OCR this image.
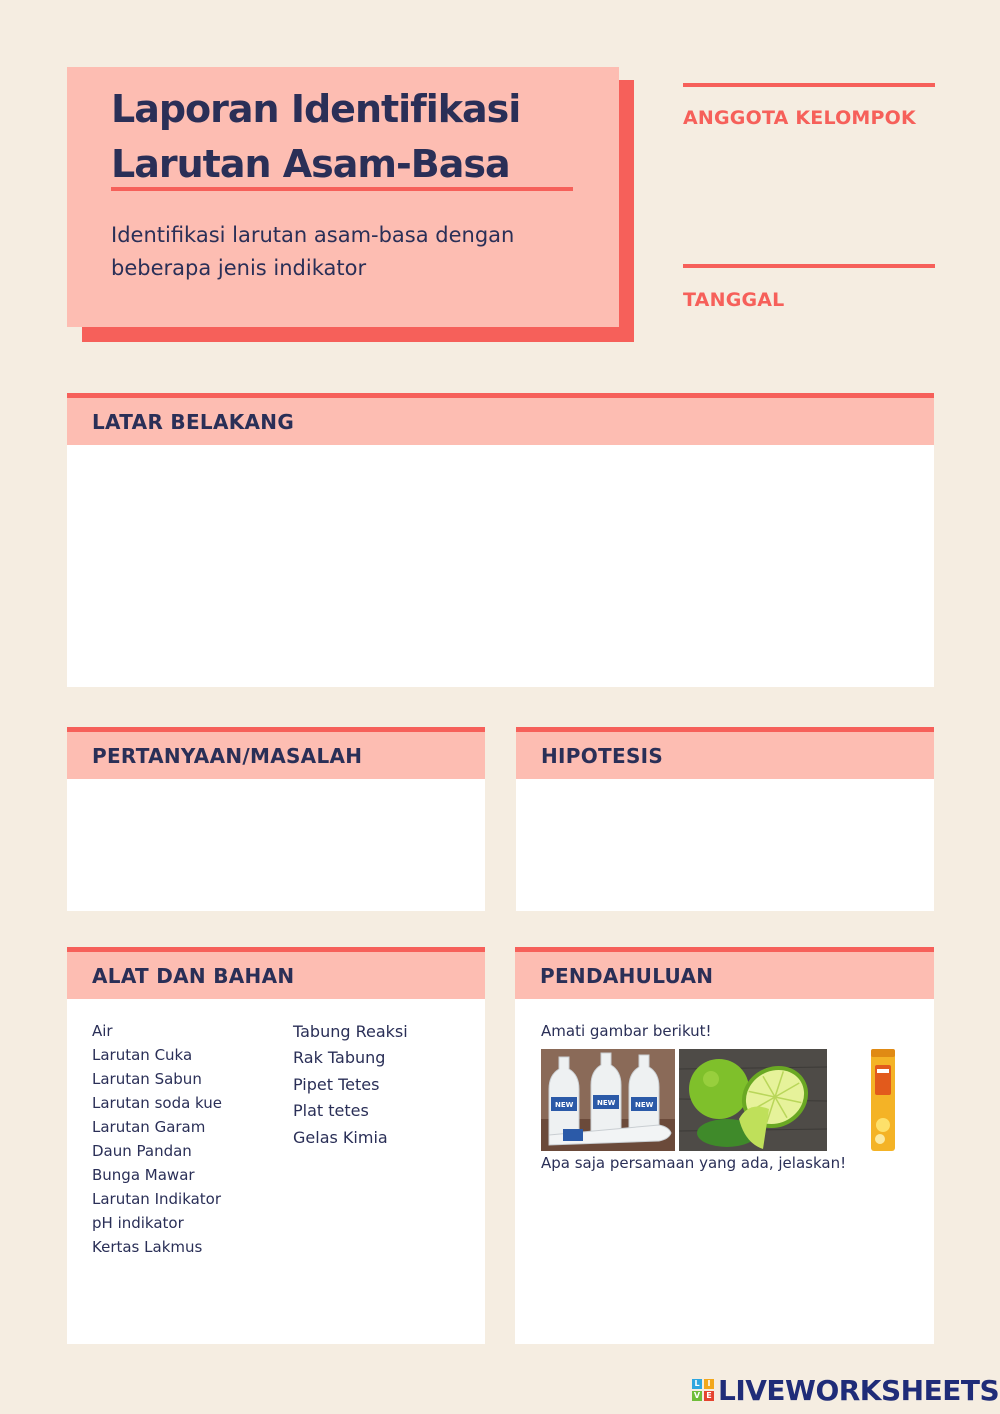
Laporan Identifikasi
Larutan Asam-Basa
Identifikasi larutan asam-basa dengan
beberapa jenis indikator
ANGGOTA KELOMPOK
TANGGAL
LATAR BELAKANG
PERTANYAAN/MASALAH	HIPOTESIS
ALAT DAN BAHAN
Air
Larutan Cuka
Larutan Sabun
Larutan soda kue
Larutan Garam
Daun Pandan
Bunga Mawar
Larutan Indikator
pH indikator
Kertas Lakmus
Tabung Reaksi
Rak Tabung
Pipet Tetes
Plat tetes
Gelas Kimia
PENDAHULUAN
Amati gambar berikut!
NEW	NEW	NEW
Apa saja persamaan yang ada, jelaskan!
L I
V E LIVEWORKSHEETS
